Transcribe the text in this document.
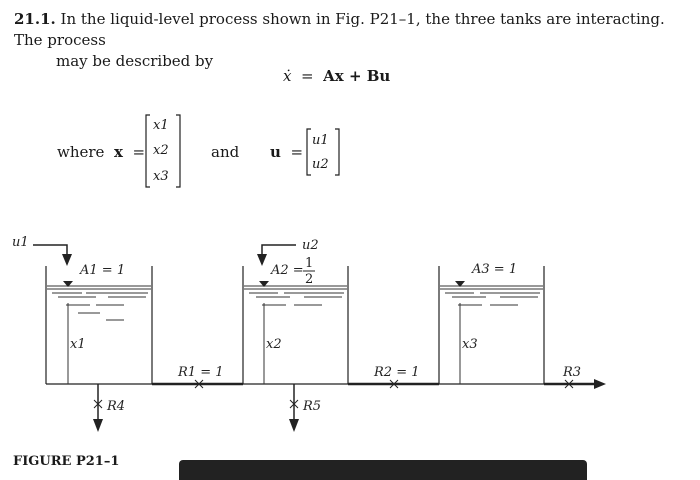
21.1. In the liquid-level process shown in Fig. P21–1, the three tanks are interacting. The process
may be described by
ẋ = Ax + Bu
where x =
x1
x2
x3
and u =
u1
u2
u1	u2
A1 = 1	A2 = 1
2
A3 = 1
x1	x2	x3
R1 = 1	R2 = 1	R3
R4	R5
FIGURE P21–1
